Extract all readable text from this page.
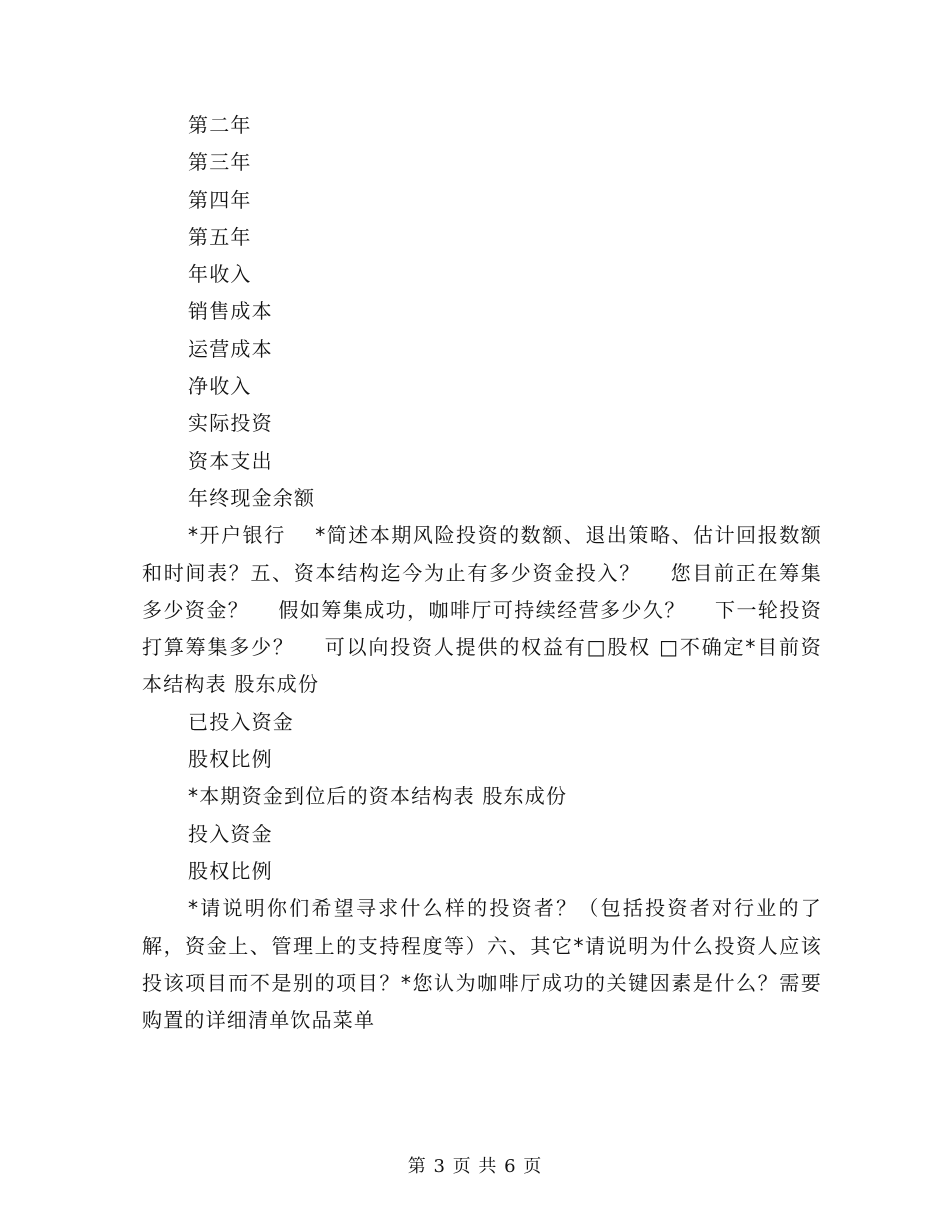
第二年

第三年

第四年

第五年

年收入

销售成本

运营成本

净收入

实际投资

资本支出

年终现金余额

*开户银行　 *简述本期风险投资的数额、退出策略、估计回报数额和时间表？五、资本结构迄今为止有多少资金投入？　 您目前正在筹集多少资金？　 假如筹集成功，咖啡厅可持续经营多少久？　 下一轮投资打算筹集多少？　 可以向投资人提供的权益有□股权 □不确定*目前资本结构表 股东成份

已投入资金

股权比例

*本期资金到位后的资本结构表 股东成份

投入资金

股权比例

*请说明你们希望寻求什么样的投资者？（包括投资者对行业的了解，资金上、管理上的支持程度等）六、其它*请说明为什么投资人应该投该项目而不是别的项目？*您认为咖啡厅成功的关键因素是什么？需要购置的详细清单饮品菜单

第 3 页 共 6 页
